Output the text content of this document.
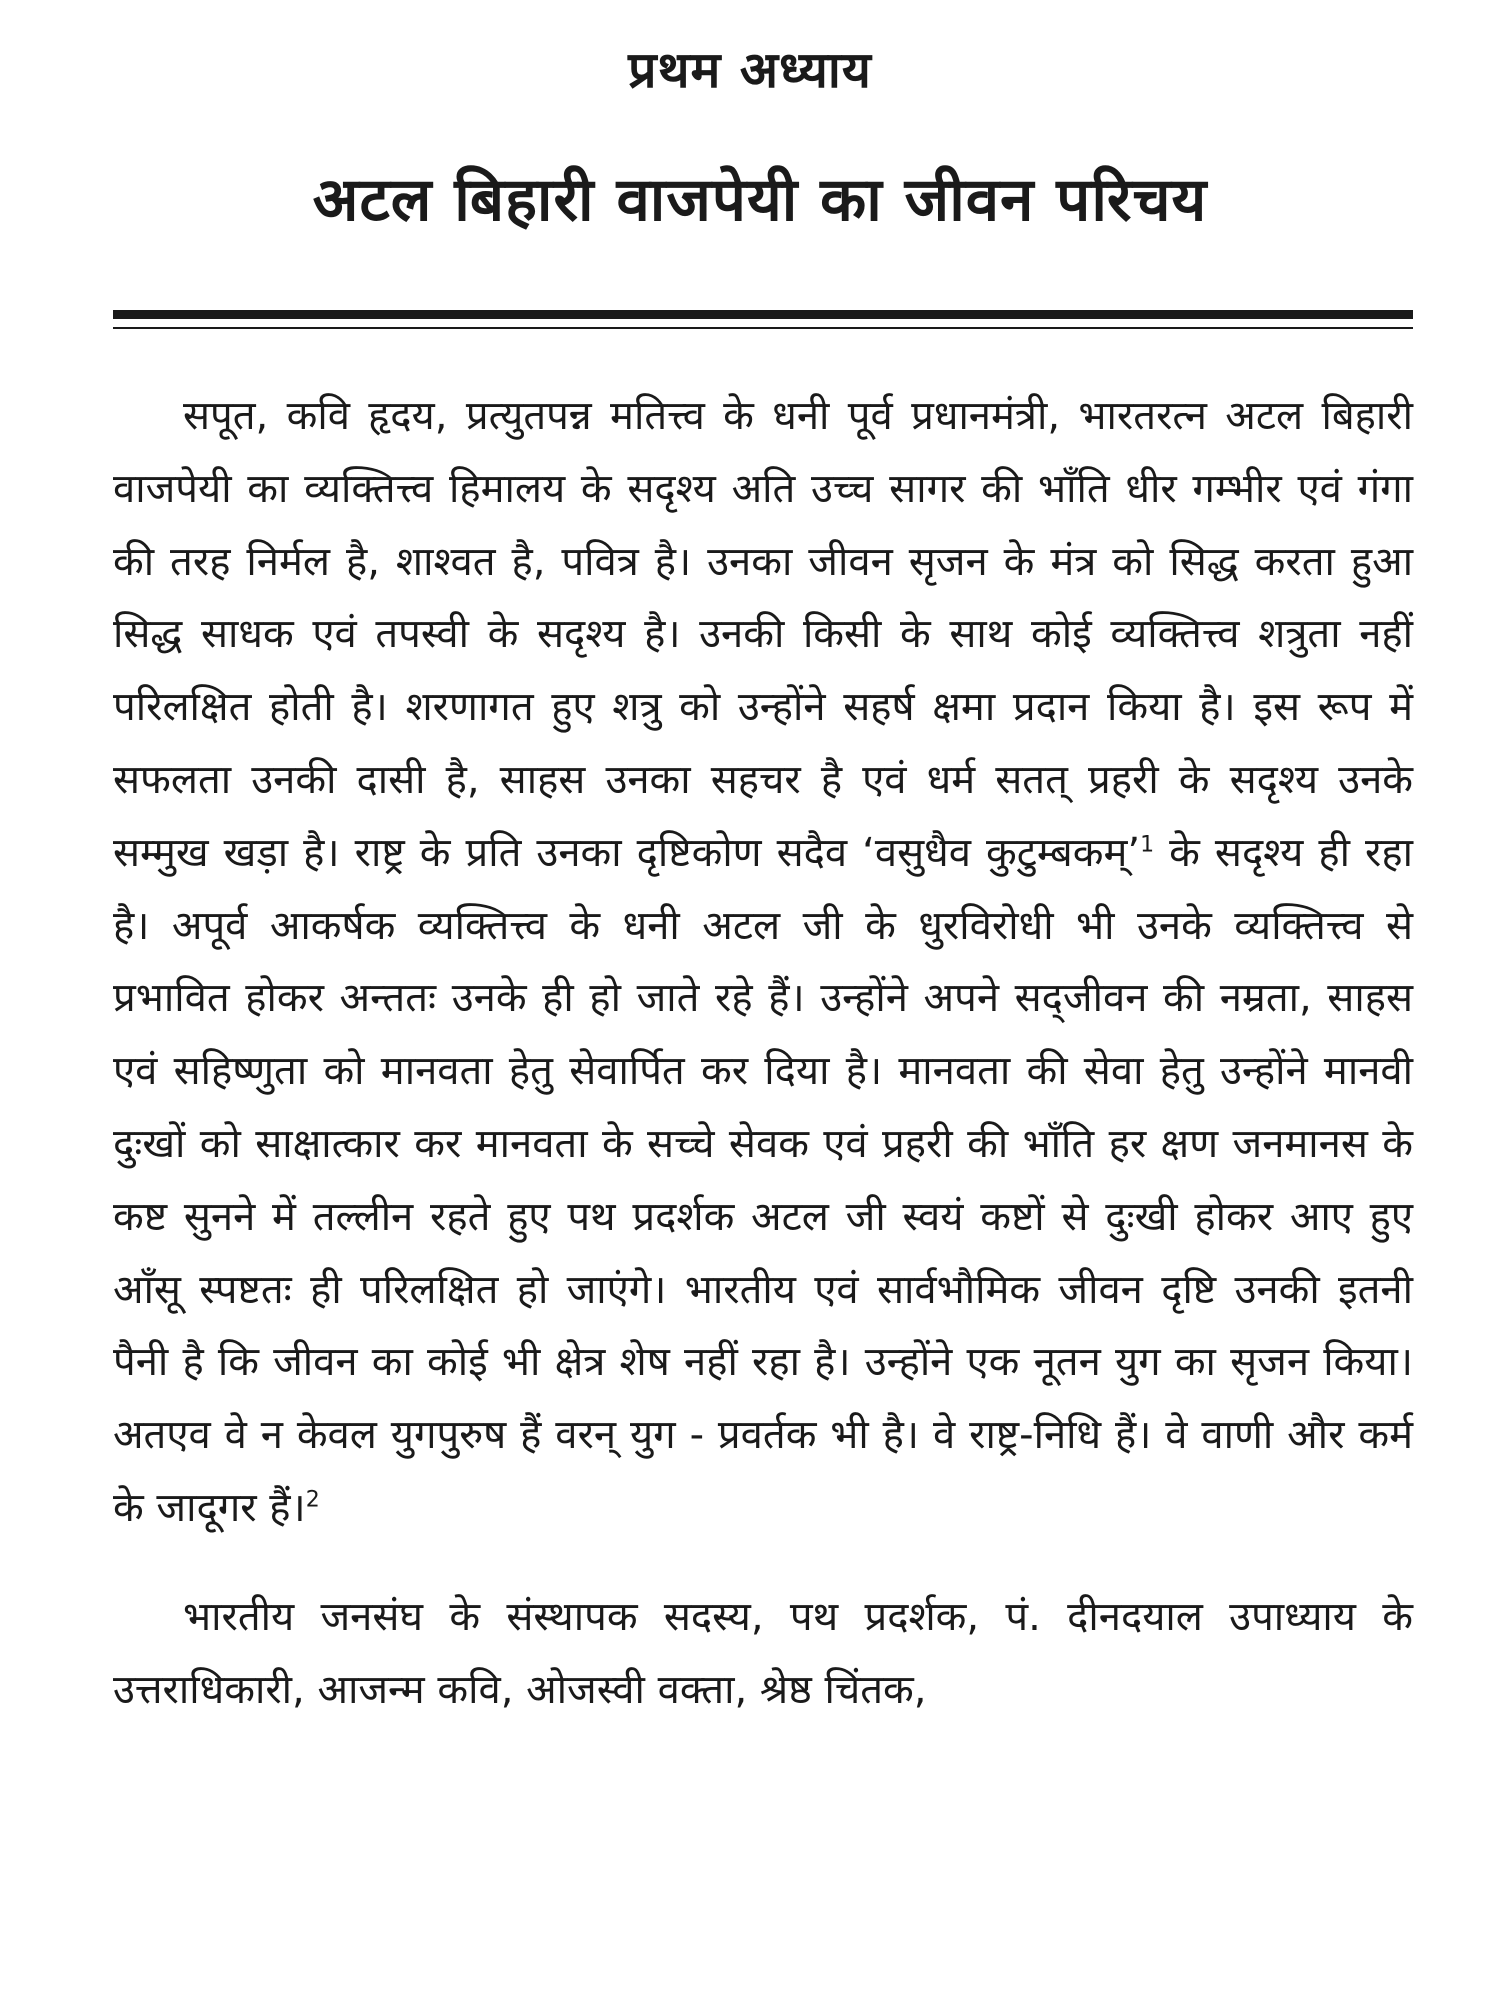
प्रथम अध्याय
अटल बिहारी वाजपेयी का जीवन परिचय

सपूत, कवि हृदय, प्रत्युतपन्न मतित्त्व के धनी पूर्व प्रधानमंत्री, भारतरत्न अटल बिहारी वाजपेयी का व्यक्तित्त्व हिमालय के सदृश्य अति उच्च सागर की भाँति धीर गम्भीर एवं गंगा की तरह निर्मल है, शाश्वत है, पवित्र है। उनका जीवन सृजन के मंत्र को सिद्ध करता हुआ सिद्ध साधक एवं तपस्वी के सदृश्य है। उनकी किसी के साथ कोई व्यक्तित्त्व शत्रुता नहीं परिलक्षित होती है। शरणागत हुए शत्रु को उन्होंने सहर्ष क्षमा प्रदान किया है। इस रूप में सफलता उनकी दासी है, साहस उनका सहचर है एवं धर्म सतत् प्रहरी के सदृश्य उनके सम्मुख खड़ा है। राष्ट्र के प्रति उनका दृष्टिकोण सदैव ‘वसुधैव कुटुम्बकम्’$^1$ के सदृश्य ही रहा है। अपूर्व आकर्षक व्यक्तित्त्व के धनी अटल जी के धुरविरोधी भी उनके व्यक्तित्त्व से प्रभावित होकर अन्ततः उनके ही हो जाते रहे हैं। उन्होंने अपने सद्‌जीवन की नम्रता, साहस एवं सहिष्णुता को मानवता हेतु सेवार्पित कर दिया है। मानवता की सेवा हेतु उन्होंने मानवी दुःखों को साक्षात्कार कर मानवता के सच्चे सेवक एवं प्रहरी की भाँति हर क्षण जनमानस के कष्ट सुनने में तल्लीन रहते हुए पथ प्रदर्शक अटल जी स्वयं कष्टों से दुःखी होकर आए हुए आँसू स्पष्टतः ही परिलक्षित हो जाएंगे। भारतीय एवं सार्वभौमिक जीवन दृष्टि उनकी इतनी पैनी है कि जीवन का कोई भी क्षेत्र शेष नहीं रहा है। उन्होंने एक नूतन युग का सृजन किया। अतएव वे न केवल युगपुरुष हैं वरन् युग - प्रवर्तक भी है। वे राष्ट्र-निधि हैं। वे वाणी और कर्म के जादूगर हैं।$^2$

भारतीय जनसंघ के संस्थापक सदस्य, पथ प्रदर्शक, पं. दीनदयाल उपाध्याय के उत्तराधिकारी, आजन्म कवि, ओजस्वी वक्ता, श्रेष्ठ चिंतक,
